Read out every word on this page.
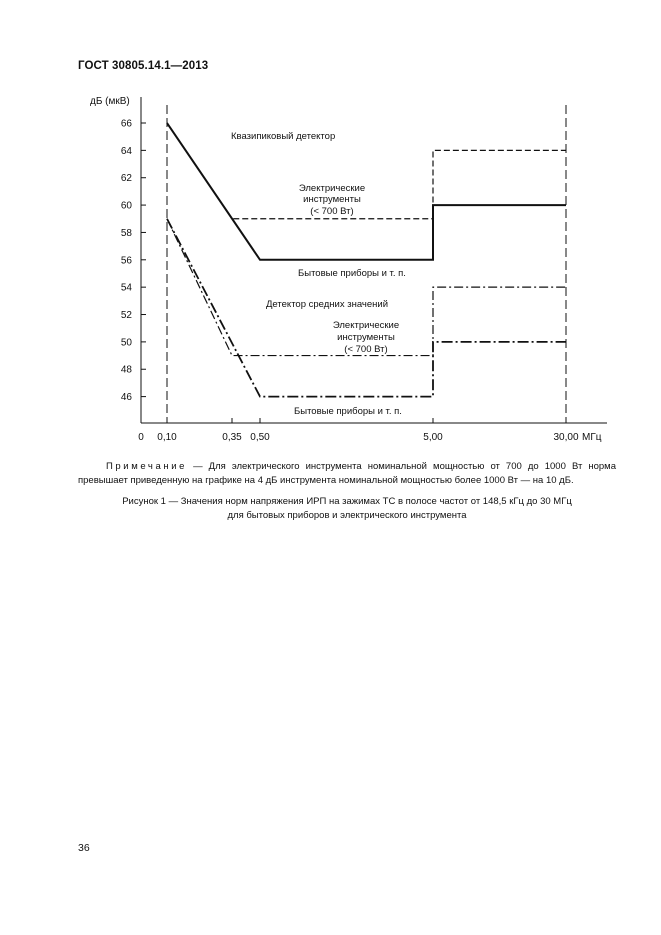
ГОСТ 30805.14.1—2013
дБ (мкВ)
46
48
50
52
54
56
58
60
62
64
66
0 0,10	0,35 0,50	5,00	30,00 МГц
Квазипиковый детектор
Электрические
инструменты
(< 700 Вт)
Бытовые приборы и т. п.
Детектор средних значений
Электрические
инструменты
(< 700 Вт)
Бытовые приборы и т. п.
Примечание — Для электрического инструмента номинальной мощностью от 700 до 1000 Вт норма превышает приведенную на графике на 4 дБ инструмента номинальной мощностью более 1000 Вт — на 10 дБ.
Рисунок 1 — Значения норм напряжения ИРП на зажимах ТС в полосе частот от 148,5 кГц до 30 МГц
для бытовых приборов и электрического инструмента
36
